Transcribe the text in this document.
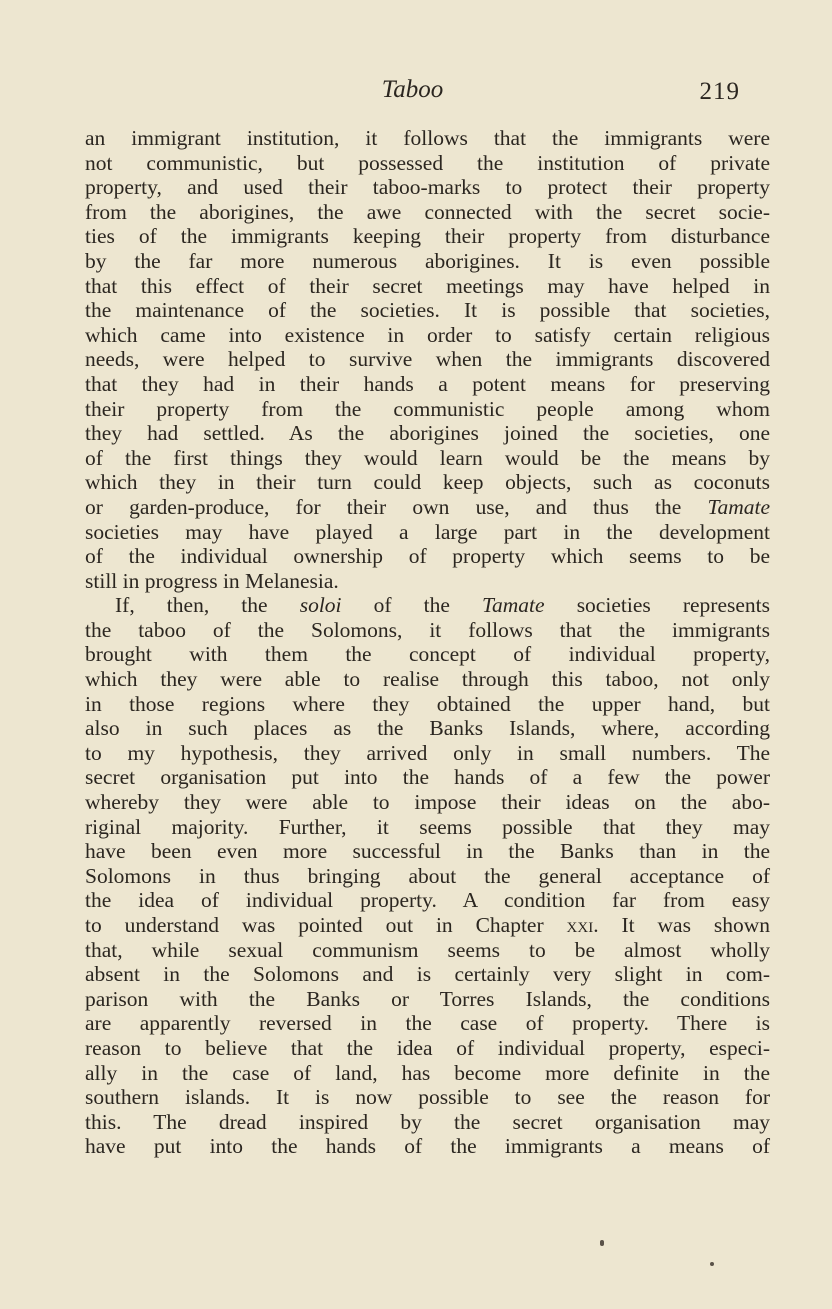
Taboo	219
an immigrant institution, it follows that the immigrants were
not communistic, but possessed the institution of private
property, and used their taboo-marks to protect their property
from the aborigines, the awe connected with the secret socie-
ties of the immigrants keeping their property from disturbance
by the far more numerous aborigines. It is even possible
that this effect of their secret meetings may have helped in
the maintenance of the societies. It is possible that societies,
which came into existence in order to satisfy certain religious
needs, were helped to survive when the immigrants discovered
that they had in their hands a potent means for preserving
their property from the communistic people among whom
they had settled. As the aborigines joined the societies, one
of the first things they would learn would be the means by
which they in their turn could keep objects, such as coconuts
or garden-produce, for their own use, and thus the Tamate
societies may have played a large part in the development
of the individual ownership of property which seems to be
still in progress in Melanesia.
If, then, the soloi of the Tamate societies represents
the taboo of the Solomons, it follows that the immigrants
brought with them the concept of individual property,
which they were able to realise through this taboo, not only
in those regions where they obtained the upper hand, but
also in such places as the Banks Islands, where, according
to my hypothesis, they arrived only in small numbers. The
secret organisation put into the hands of a few the power
whereby they were able to impose their ideas on the abo-
riginal majority. Further, it seems possible that they may
have been even more successful in the Banks than in the
Solomons in thus bringing about the general acceptance of
the idea of individual property. A condition far from easy
to understand was pointed out in Chapter xxi. It was shown
that, while sexual communism seems to be almost wholly
absent in the Solomons and is certainly very slight in com-
parison with the Banks or Torres Islands, the conditions
are apparently reversed in the case of property. There is
reason to believe that the idea of individual property, especi-
ally in the case of land, has become more definite in the
southern islands. It is now possible to see the reason for
this. The dread inspired by the secret organisation may
have put into the hands of the immigrants a means of
